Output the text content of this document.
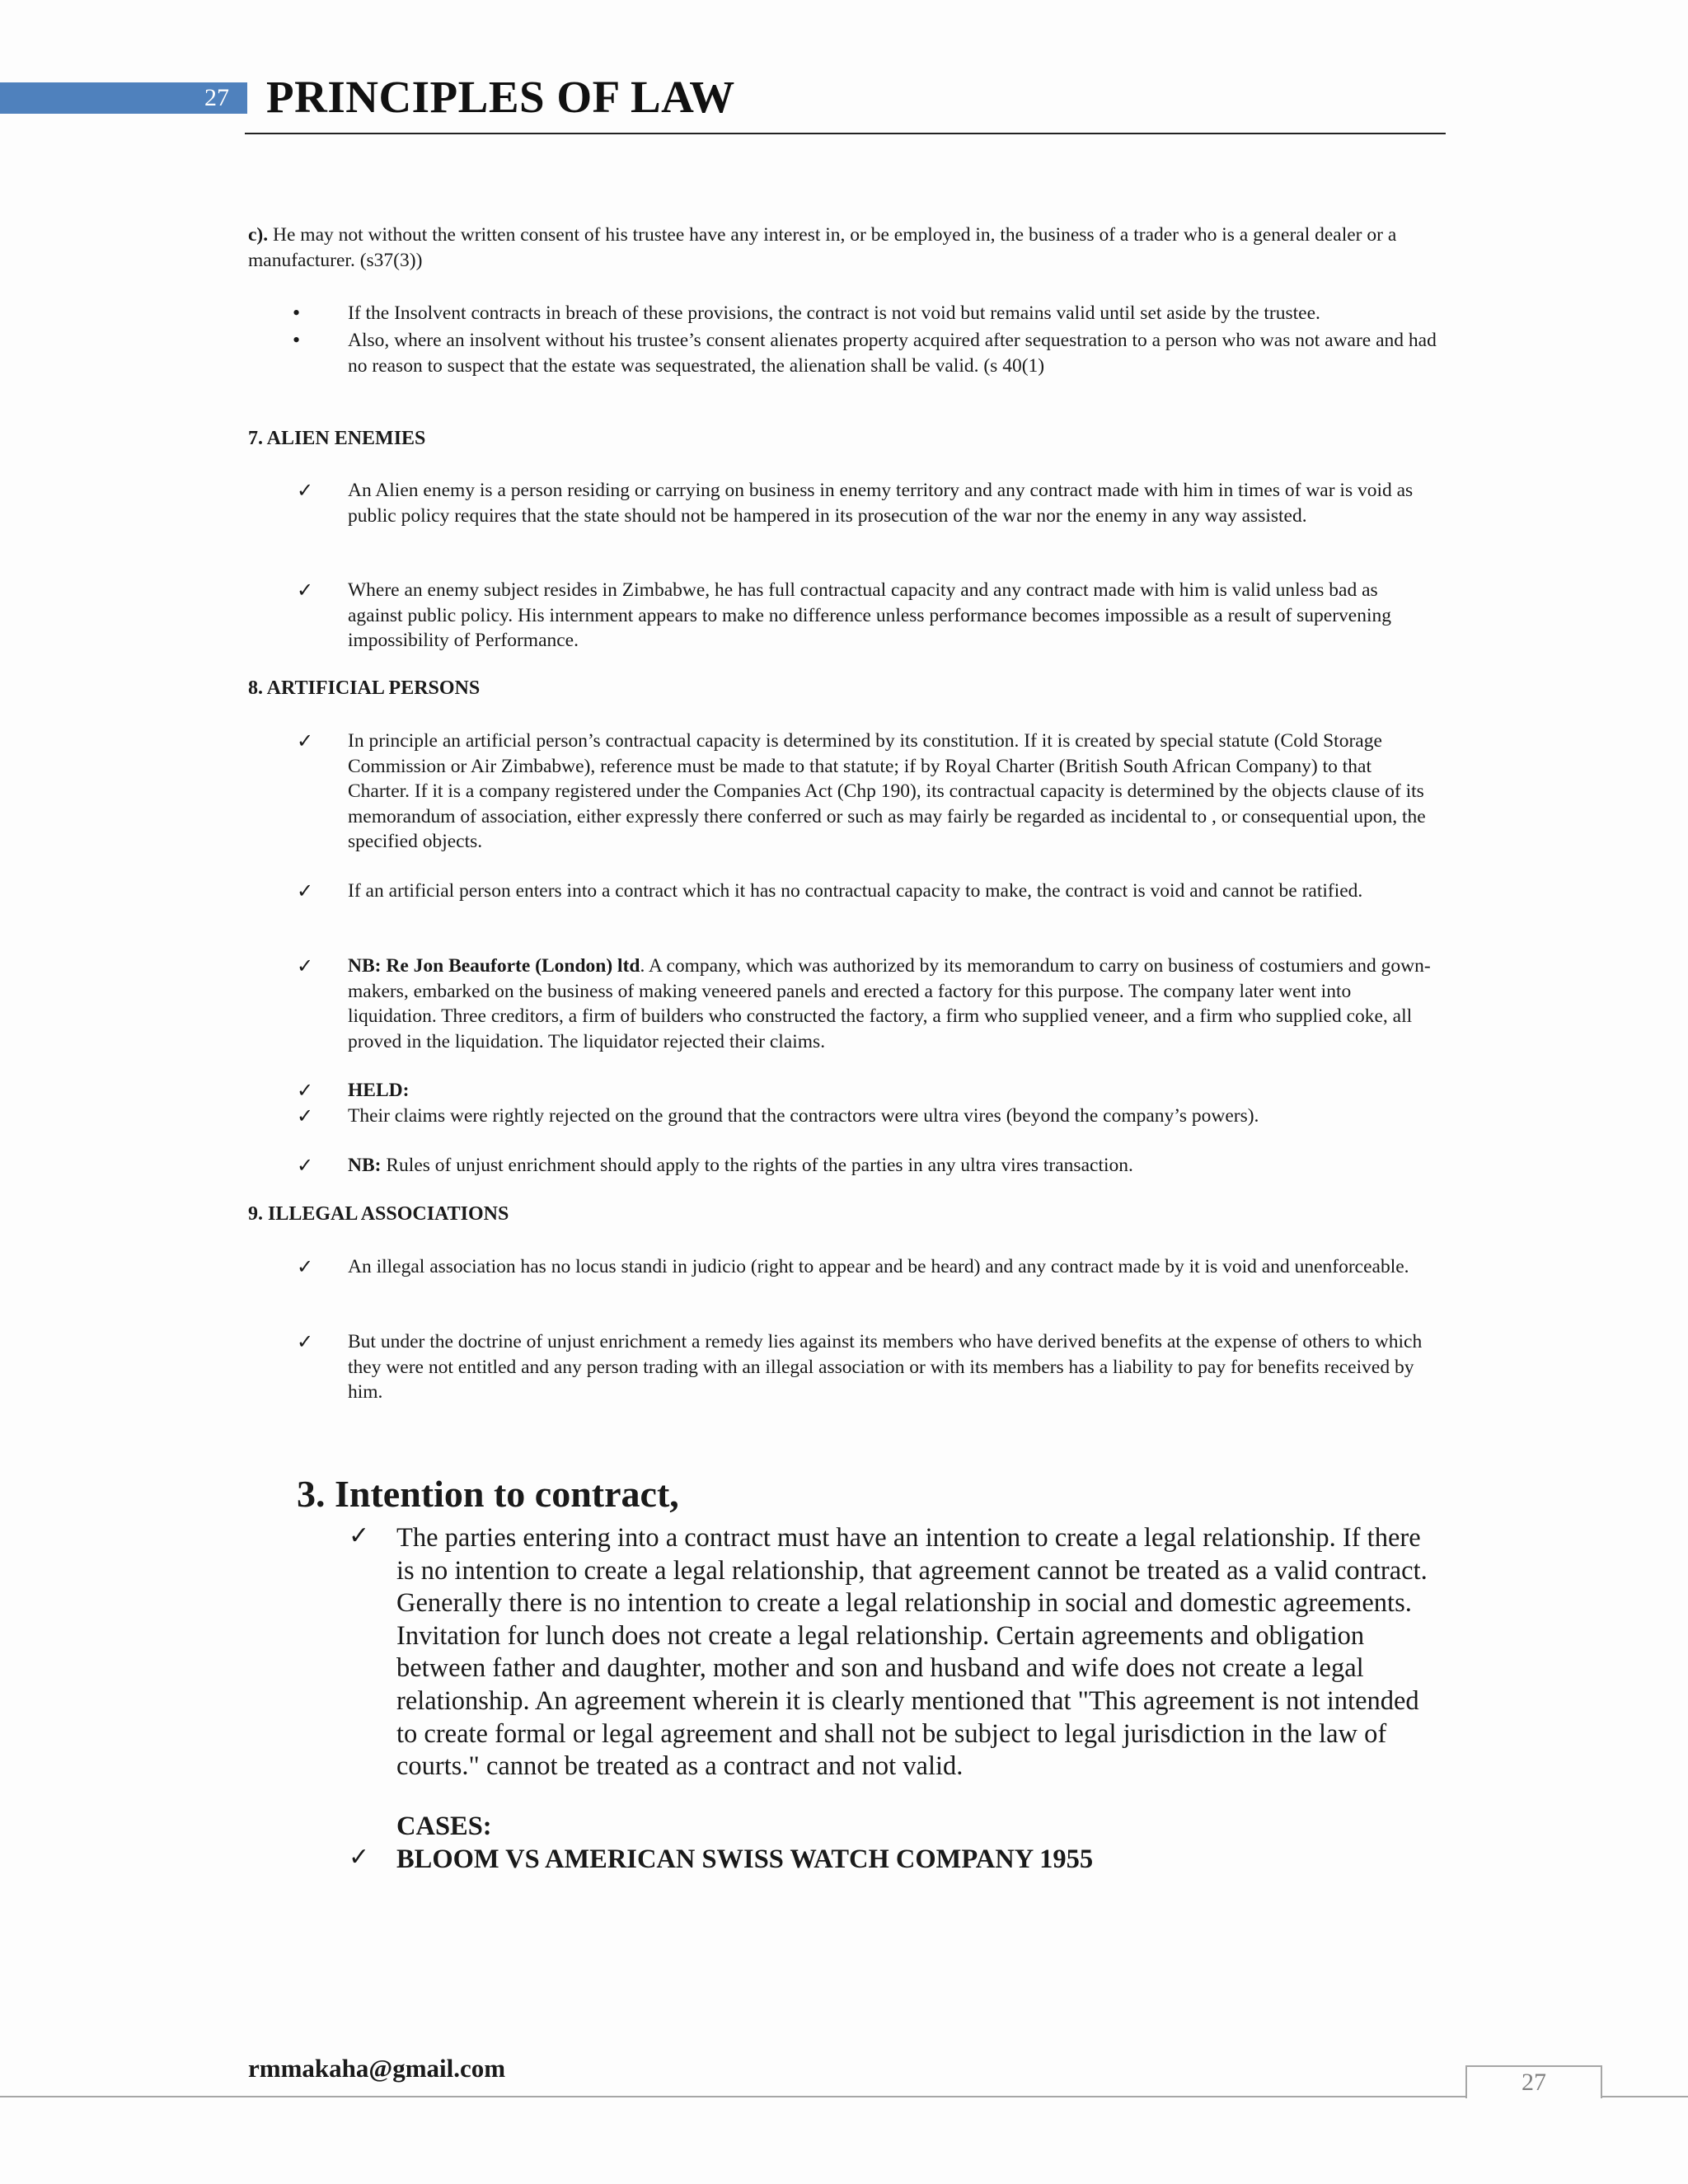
27 PRINCIPLES OF LAW
c). He may not without the written consent of his trustee have any interest in, or be employed in, the business of a trader who is a general dealer or a manufacturer. (s37(3))
• If the Insolvent contracts in breach of these provisions, the contract is not void but remains valid until set aside by the trustee.
• Also, where an insolvent without his trustee’s consent alienates property acquired after sequestration to a person who was not aware and had no reason to suspect that the estate was sequestrated, the alienation shall be valid. (s 40(1)
7. ALIEN ENEMIES
✓ An Alien enemy is a person residing or carrying on business in enemy territory and any contract made with him in times of war is void as public policy requires that the state should not be hampered in its prosecution of the war nor the enemy in any way assisted.
✓ Where an enemy subject resides in Zimbabwe, he has full contractual capacity and any contract made with him is valid unless bad as against public policy. His internment appears to make no difference unless performance becomes impossible as a result of supervening impossibility of Performance.
8. ARTIFICIAL PERSONS
✓ In principle an artificial person’s contractual capacity is determined by its constitution. If it is created by special statute (Cold Storage Commission or Air Zimbabwe), reference must be made to that statute; if by Royal Charter (British South African Company) to that Charter. If it is a company registered under the Companies Act (Chp 190), its contractual capacity is determined by the objects clause of its memorandum of association, either expressly there conferred or such as may fairly be regarded as incidental to , or consequential upon, the specified objects.
✓ If an artificial person enters into a contract which it has no contractual capacity to make, the contract is void and cannot be ratified.
✓ NB: Re Jon Beauforte (London) ltd. A company, which was authorized by its memorandum to carry on business of costumiers and gown-makers, embarked on the business of making veneered panels and erected a factory for this purpose. The company later went into liquidation. Three creditors, a firm of builders who constructed the factory, a firm who supplied veneer, and a firm who supplied coke, all proved in the liquidation. The liquidator rejected their claims.
✓ HELD:
✓ Their claims were rightly rejected on the ground that the contractors were ultra vires (beyond the company’s powers).
✓ NB: Rules of unjust enrichment should apply to the rights of the parties in any ultra vires transaction.
9. ILLEGAL ASSOCIATIONS
✓ An illegal association has no locus standi in judicio (right to appear and be heard) and any contract made by it is void and unenforceable.
✓ But under the doctrine of unjust enrichment a remedy lies against its members who have derived benefits at the expense of others to which they were not entitled and any person trading with an illegal association or with its members has a liability to pay for benefits received by him.
3. Intention to contract,
✓ The parties entering into a contract must have an intention to create a legal relationship. If there is no intention to create a legal relationship, that agreement cannot be treated as a valid contract. Generally there is no intention to create a legal relationship in social and domestic agreements. Invitation for lunch does not create a legal relationship. Certain agreements and obligation between father and daughter, mother and son and husband and wife does not create a legal relationship. An agreement wherein it is clearly mentioned that "This agreement is not intended to create formal or legal agreement and shall not be subject to legal jurisdiction in the law of courts." cannot be treated as a contract and not valid.
CASES:
✓ BLOOM VS AMERICAN SWISS WATCH COMPANY 1955
rmmakaha@gmail.com	27
